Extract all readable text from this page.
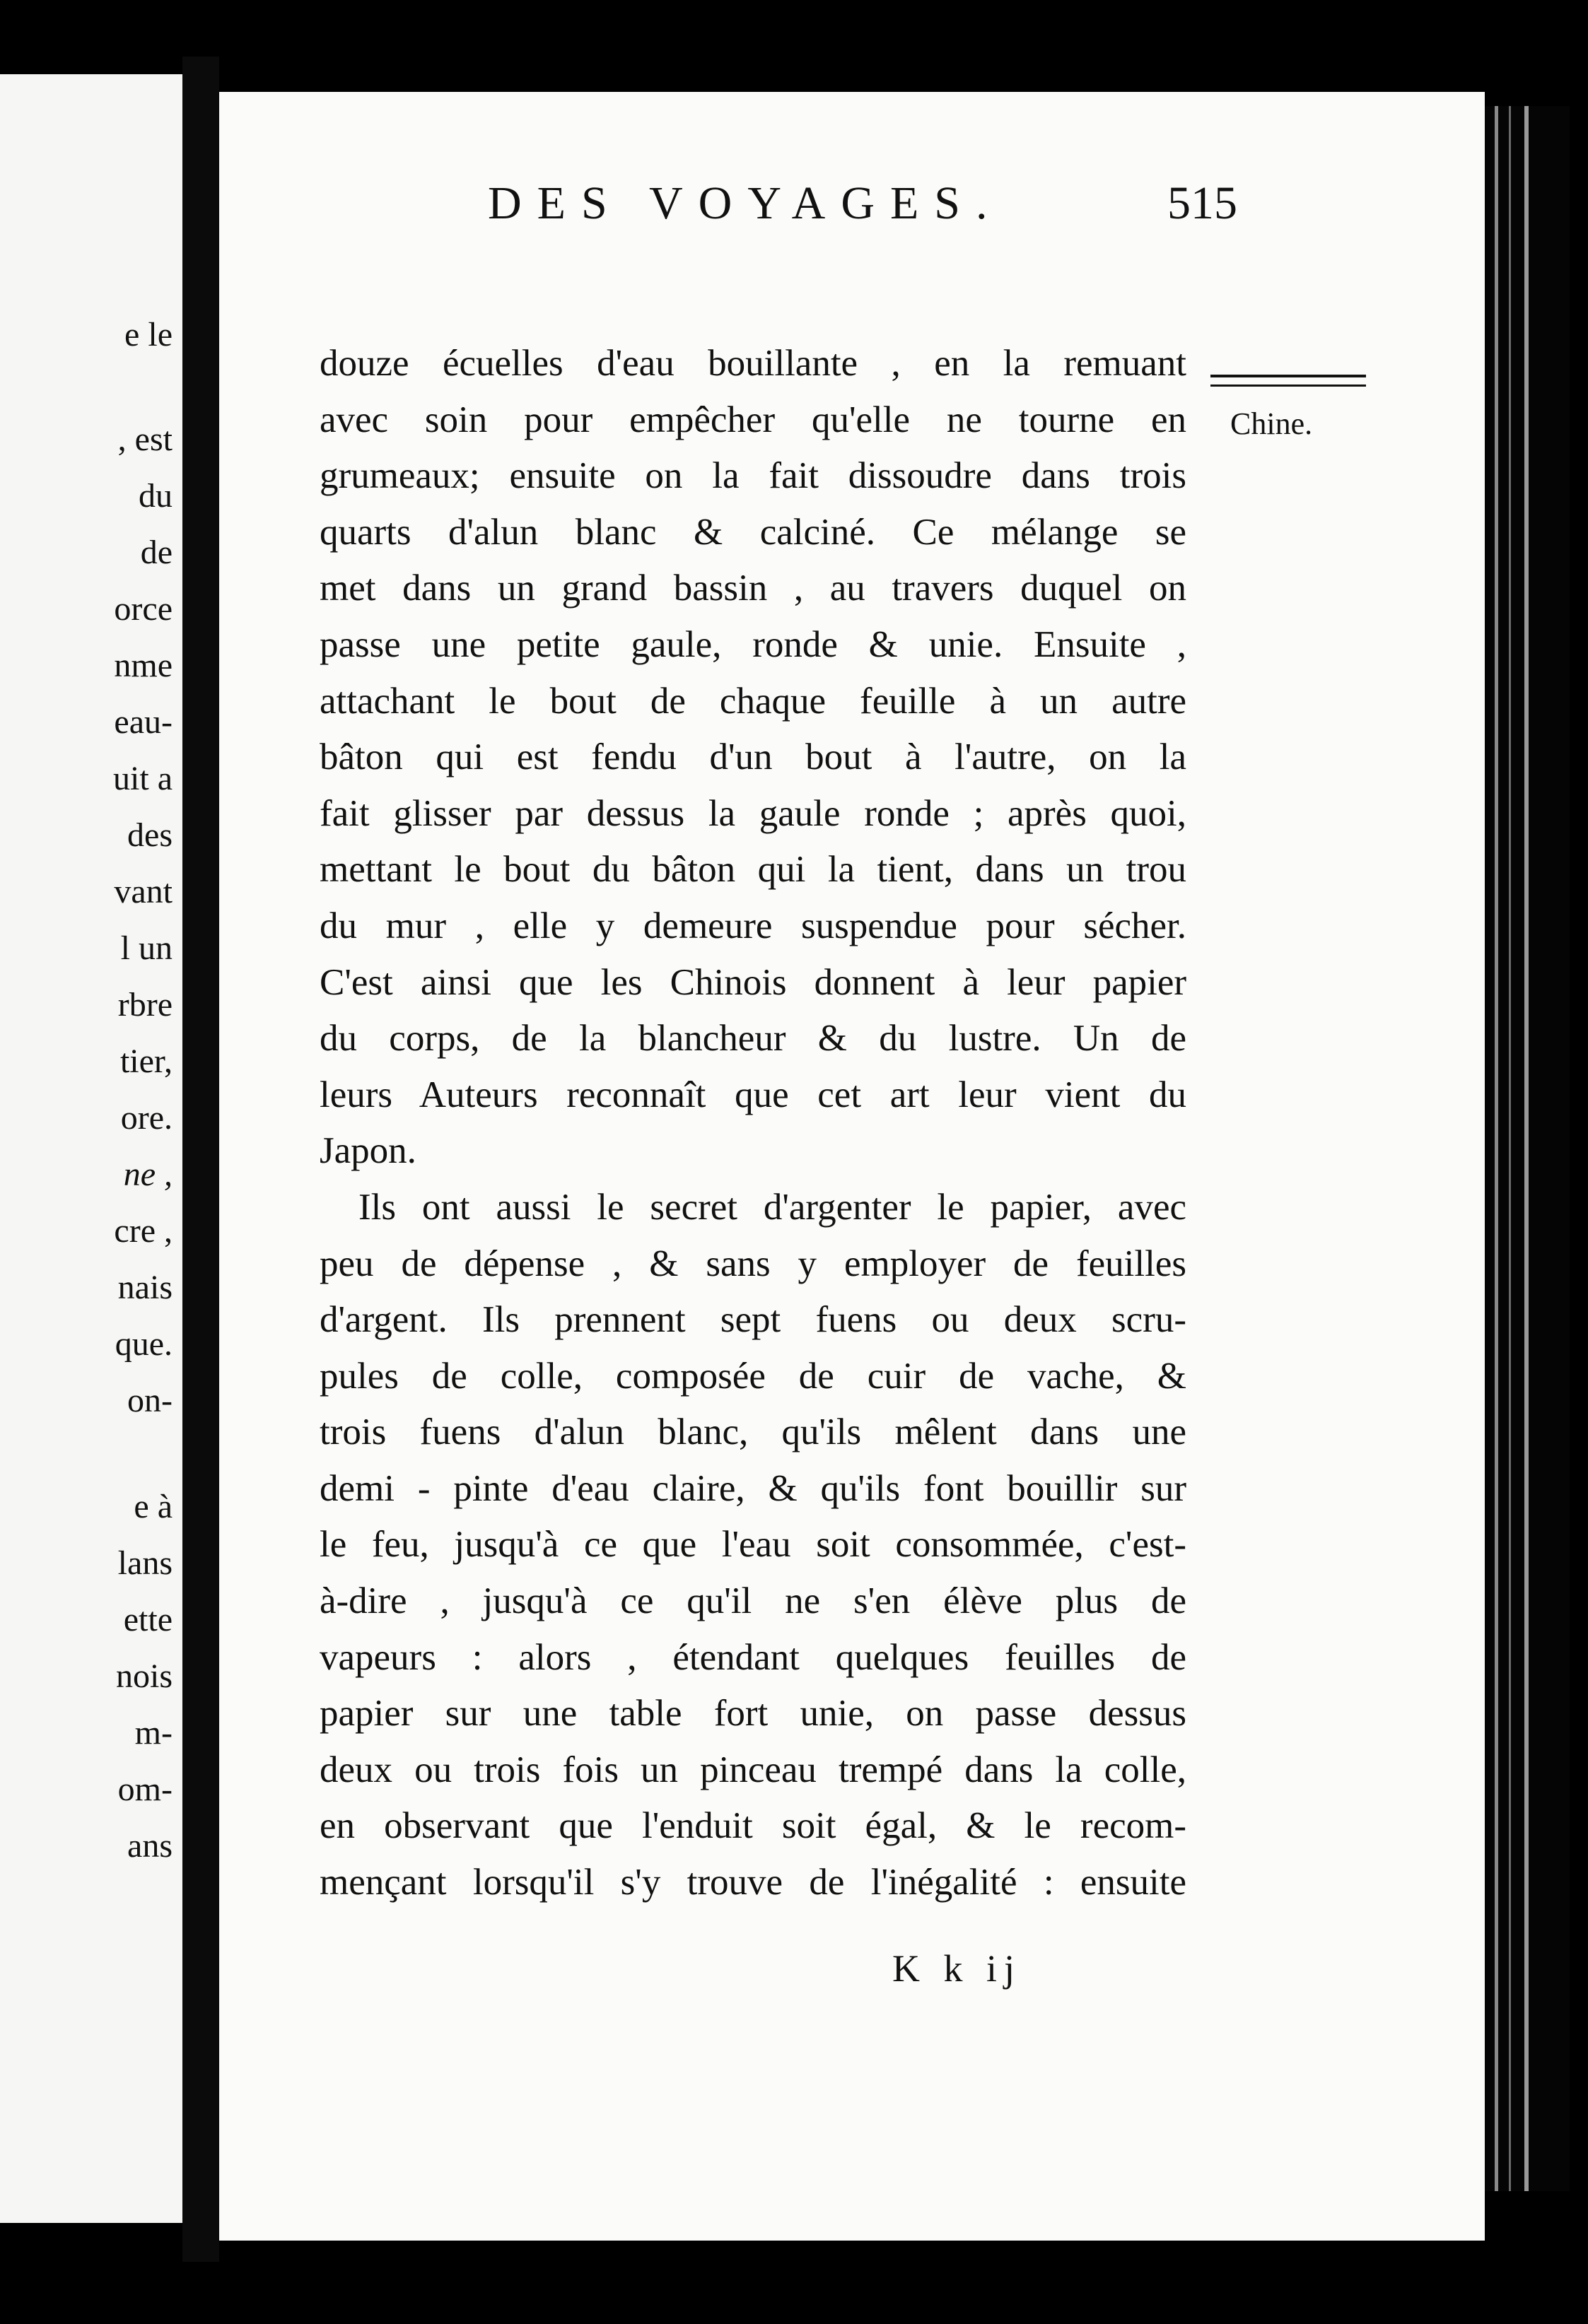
e le
, est
du
de
orce
nme
eau-
uit a
des
vant
l un
rbre
tier,
ore.
ne ,
cre ,
nais
que.
on-
e à
lans
ette
nois
m-
om-
ans
DES VOYAGES.	515
Chine.
douze écuelles d'eau bouillante , en la remuant
avec soin pour empêcher qu'elle ne tourne en
grumeaux; ensuite on la fait dissoudre dans trois
quarts d'alun blanc & calciné. Ce mélange se
met dans un grand bassin , au travers duquel on
passe une petite gaule, ronde & unie. Ensuite ,
attachant le bout de chaque feuille à un autre
bâton qui est fendu d'un bout à l'autre, on la
fait glisser par dessus la gaule ronde ; après quoi,
mettant le bout du bâton qui la tient, dans un trou
du mur , elle y demeure suspendue pour sécher.
C'est ainsi que les Chinois donnent à leur papier
du corps, de la blancheur & du lustre. Un de
leurs Auteurs reconnaît que cet art leur vient du
Japon.
Ils ont aussi le secret d'argenter le papier, avec
peu de dépense , & sans y employer de feuilles
d'argent. Ils prennent sept fuens ou deux scru-
pules de colle, composée de cuir de vache, &
trois fuens d'alun blanc, qu'ils mêlent dans une
demi - pinte d'eau claire, & qu'ils font bouillir sur
le feu, jusqu'à ce que l'eau soit consommée, c'est-
à-dire , jusqu'à ce qu'il ne s'en élève plus de
vapeurs : alors , étendant quelques feuilles de
papier sur une table fort unie, on passe dessus
deux ou trois fois un pinceau trempé dans la colle,
en observant que l'enduit soit égal, & le recom-
mençant lorsqu'il s'y trouve de l'inégalité : ensuite
K k ij
